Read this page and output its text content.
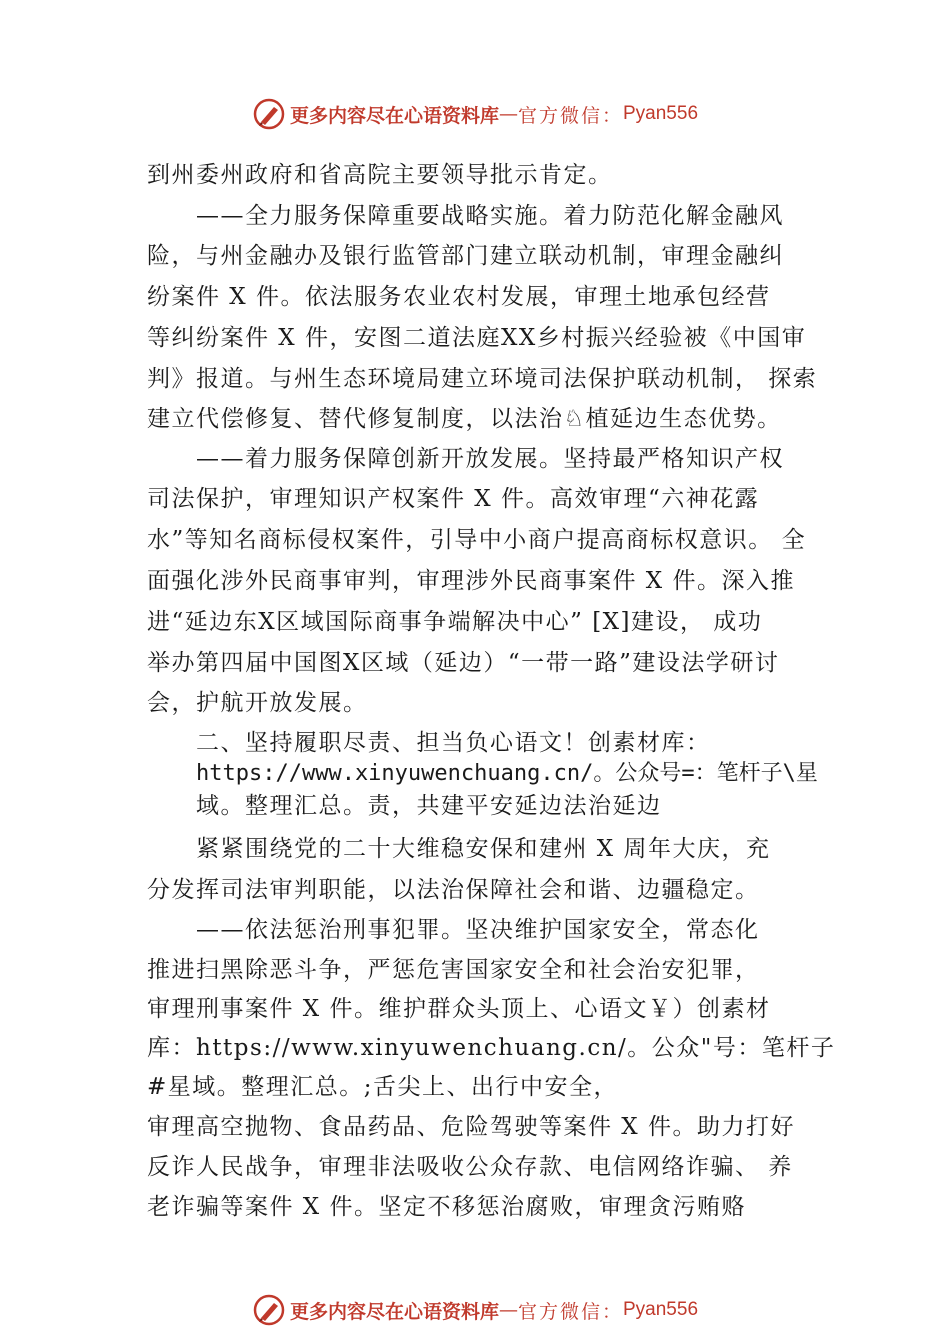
更多内容尽在心语资料库 — 官方微信： Pyan556
到州委州政府和省高院主要领导批示肯定。
——全力服务保障重要战略实施。着力防范化解金融风
险，与州金融办及银行监管部门建立联动机制，审理金融纠
纷案件 X 件。依法服务农业农村发展，审理土地承包经营
等纠纷案件 X 件，安图二道法庭XX乡村振兴经验被《中国审
判》报道。与州生态环境局建立环境司法保护联动机制， 探索
建立代偿修复、替代修复制度，以法治♘植延边生态优势。
——着力服务保障创新开放发展。坚持最严格知识产权
司法保护，审理知识产权案件 X 件。高效审理“六神花露
水”等知名商标侵权案件，引导中小商户提高商标权意识。 全
面强化涉外民商事审判，审理涉外民商事案件 X 件。深入推
进“延边东X区域国际商事争端解决中心” [X]建设， 成功
举办第四届中国图X区域（延边）“一带一路”建设法学研讨
会，护航开放发展。
二、坚持履职尽责、担当负心语文！创素材库：
https://www.xinyuwenchuang.cn/。公众号=：笔杆子\星
域。整理汇总。责，共建平安延边法治延边
紧紧围绕党的二十大维稳安保和建州 X 周年大庆，充
分发挥司法审判职能，以法治保障社会和谐、边疆稳定。
——依法惩治刑事犯罪。坚决维护国家安全，常态化
推进扫黑除恶斗争，严惩危害国家安全和社会治安犯罪，
审理刑事案件 X 件。维护群众头顶上、心语文￥）创素材
库：https://www.xinyuwenchuang.cn/。公众"号：笔杆子
#星域。整理汇总。;舌尖上、出行中安全，
审理高空抛物、食品药品、危险驾驶等案件 X 件。助力打好
反诈人民战争，审理非法吸收公众存款、电信网络诈骗、 养
老诈骗等案件 X 件。坚定不移惩治腐败，审理贪污贿赂
更多内容尽在心语资料库 — 官方微信： Pyan556
